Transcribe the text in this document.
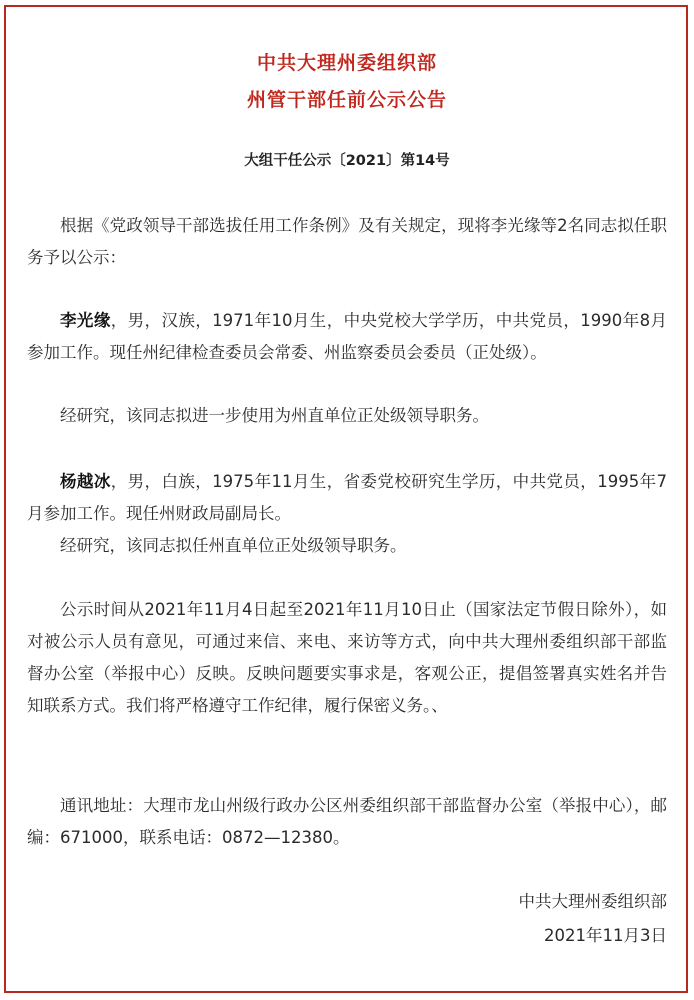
中共大理州委组织部
州管干部任前公示公告
大组干任公示〔2021〕第14号

根据《党政领导干部选拔任用工作条例》及有关规定，现将李光缘等2名同志拟任职务予以公示：

李光缘，男，汉族，1971年10月生，中央党校大学学历，中共党员，1990年8月参加工作。现任州纪律检查委员会常委、州监察委员会委员（正处级）。

经研究，该同志拟进一步使用为州直单位正处级领导职务。

杨越冰，男，白族，1975年11月生，省委党校研究生学历，中共党员，1995年7月参加工作。现任州财政局副局长。

经研究，该同志拟任州直单位正处级领导职务。

公示时间从2021年11月4日起至2021年11月10日止（国家法定节假日除外），如对被公示人员有意见，可通过来信、来电、来访等方式，向中共大理州委组织部干部监督办公室（举报中心）反映。反映问题要实事求是，客观公正，提倡签署真实姓名并告知联系方式。我们将严格遵守工作纪律，履行保密义务。、

通讯地址：大理市龙山州级行政办公区州委组织部干部监督办公室（举报中心），邮编：671000，联系电话：0872—12380。

中共大理州委组织部
2021年11月3日
